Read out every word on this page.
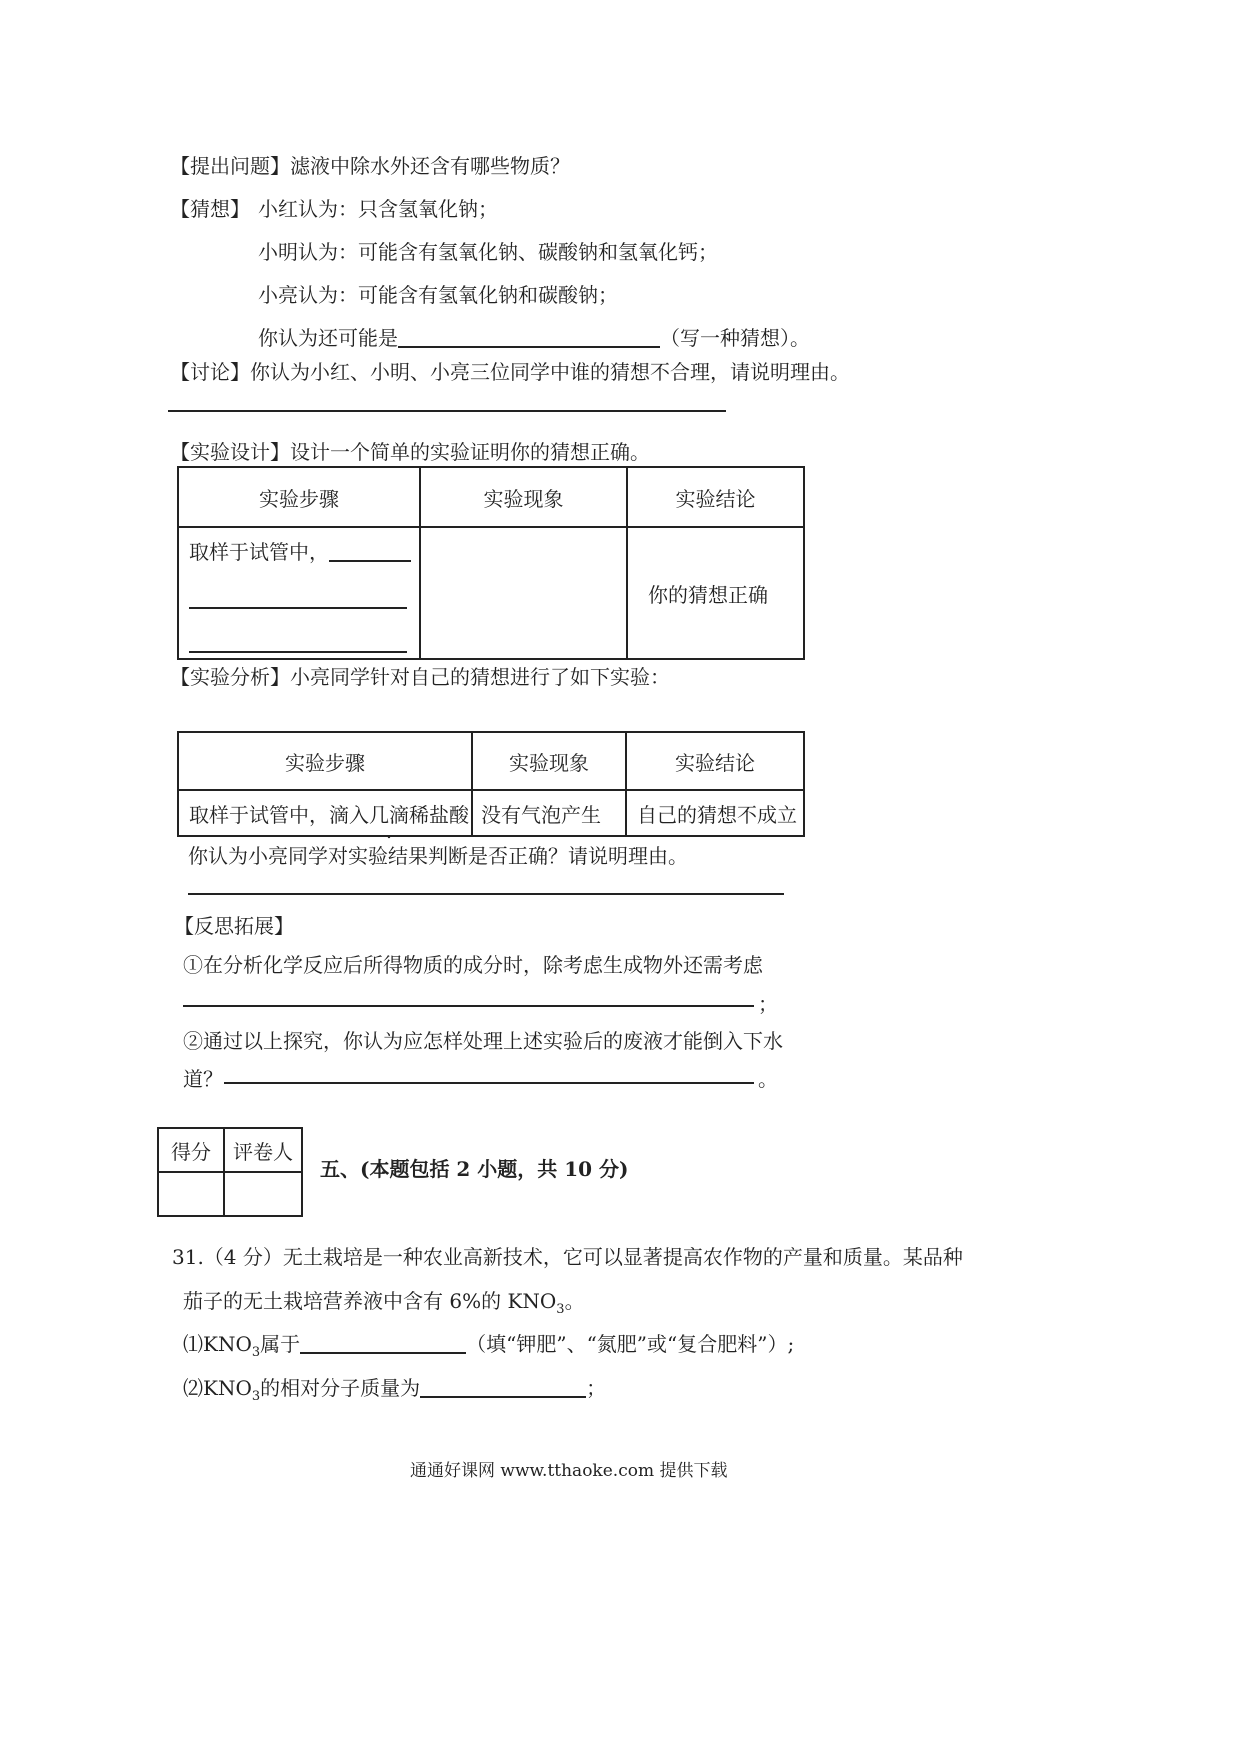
【提出问题】滤液中除水外还含有哪些物质？
【猜想】 小红认为：只含氢氧化钠；
小明认为：可能含有氢氧化钠、碳酸钠和氢氧化钙；
小亮认为：可能含有氢氧化钠和碳酸钠；
你认为还可能是	（写一种猜想）。
【讨论】你认为小红、小明、小亮三位同学中谁的猜想不合理，请说明理由。
【实验设计】设计一个简单的实验证明你的猜想正确。
实验步骤	实验现象	实验结论

取样于试管中，		你的猜想正确
【实验分析】小亮同学针对自己的猜想进行了如下实验：
实验步骤	实验现象	实验结论
取样于试管中，滴入几滴稀盐酸	没有气泡产生	自己的猜想不成立
你认为小亮同学对实验结果判断是否正确？请说明理由。
【反思拓展】
①在分析化学反应后所得物质的成分时，除考虑生成物外还需考虑
；
②通过以上探究，你认为应怎样处理上述实验后的废液才能倒入下水
道？	。
得分	评卷人

五、(本题包括 2 小题，共 10 分)
31.（4 分）无土栽培是一种农业高新技术，它可以显著提高农作物的产量和质量。某品种
茄子的无土栽培营养液中含有 6%的 $KNO_3$。
$⑴KNO_3$属于	（填“钾肥”、“氮肥”或“复合肥料”）;
$⑵KNO_3$的相对分子质量为	；
通通好课网 www.tthaoke.com 提供下载
